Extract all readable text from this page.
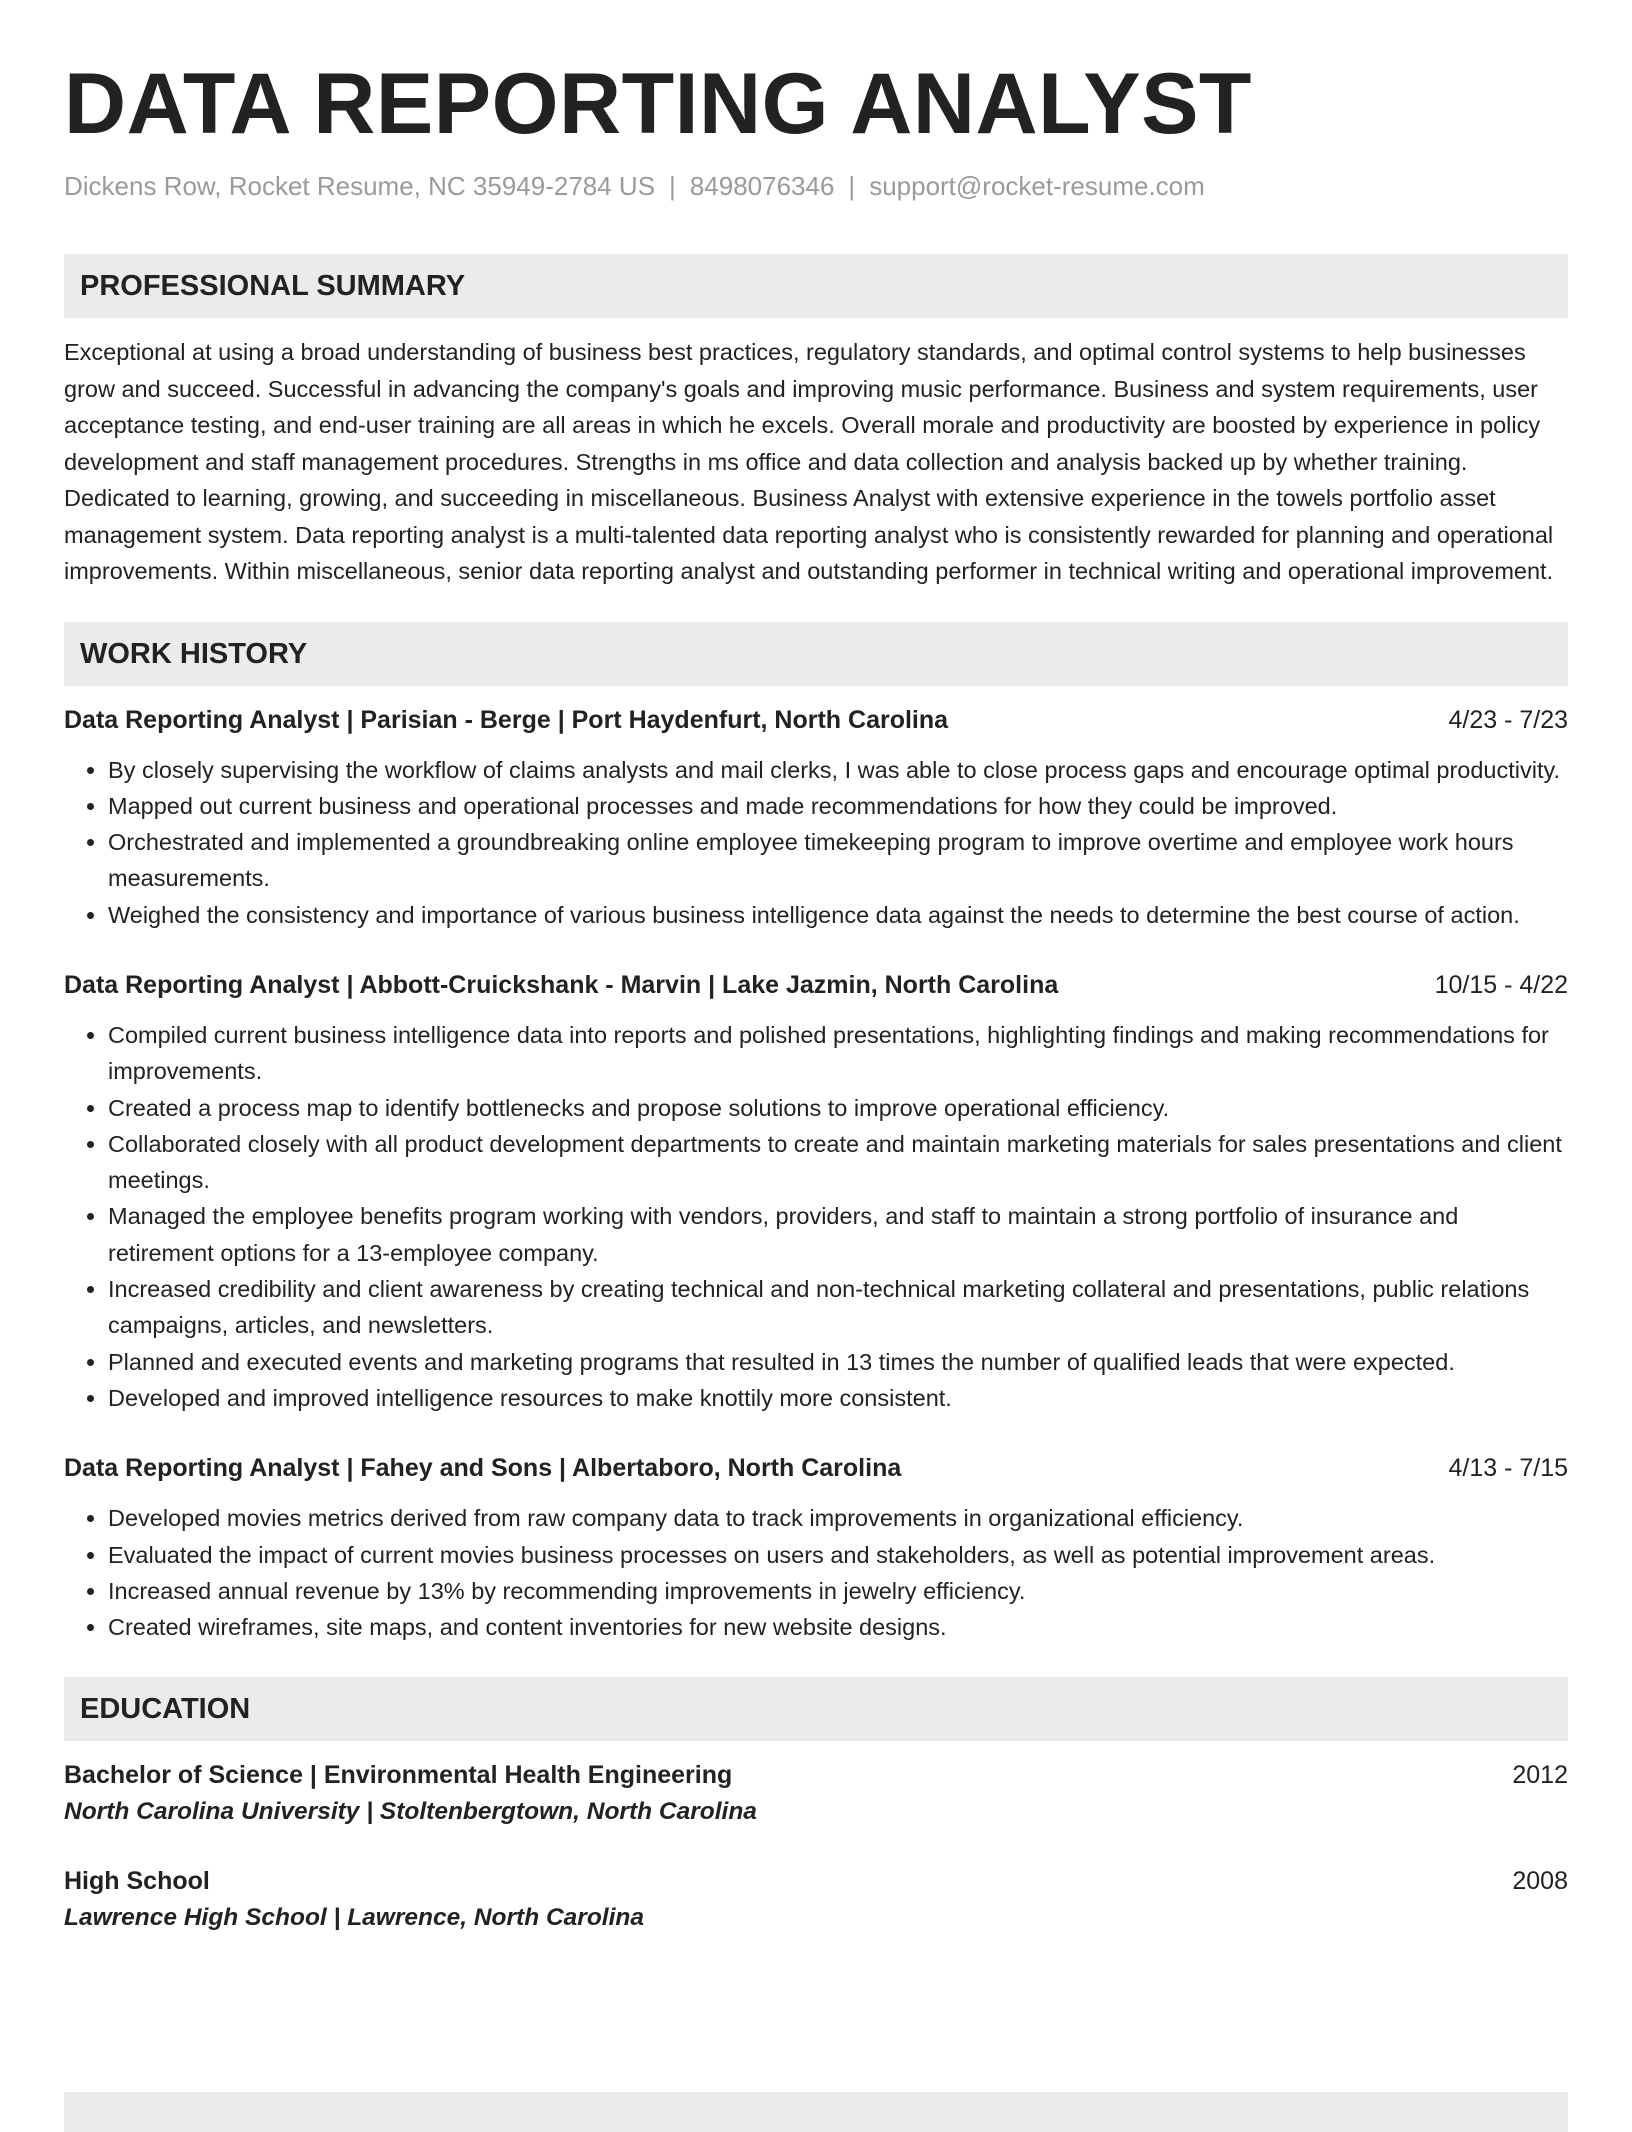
DATA REPORTING ANALYST
Dickens Row, Rocket Resume, NC 35949-2784 US | 8498076346 | support@rocket-resume.com
PROFESSIONAL SUMMARY
Exceptional at using a broad understanding of business best practices, regulatory standards, and optimal control systems to help businesses grow and succeed. Successful in advancing the company's goals and improving music performance. Business and system requirements, user acceptance testing, and end-user training are all areas in which he excels. Overall morale and productivity are boosted by experience in policy development and staff management procedures. Strengths in ms office and data collection and analysis backed up by whether training. Dedicated to learning, growing, and succeeding in miscellaneous. Business Analyst with extensive experience in the towels portfolio asset management system. Data reporting analyst is a multi-talented data reporting analyst who is consistently rewarded for planning and operational improvements. Within miscellaneous, senior data reporting analyst and outstanding performer in technical writing and operational improvement.
WORK HISTORY
Data Reporting Analyst | Parisian - Berge | Port Haydenfurt, North Carolina	4/23 - 7/23
• By closely supervising the workflow of claims analysts and mail clerks, I was able to close process gaps and encourage optimal productivity.
• Mapped out current business and operational processes and made recommendations for how they could be improved.
• Orchestrated and implemented a groundbreaking online employee timekeeping program to improve overtime and employee work hours measurements.
• Weighed the consistency and importance of various business intelligence data against the needs to determine the best course of action.
Data Reporting Analyst | Abbott-Cruickshank - Marvin | Lake Jazmin, North Carolina	10/15 - 4/22
• Compiled current business intelligence data into reports and polished presentations, highlighting findings and making recommendations for improvements.
• Created a process map to identify bottlenecks and propose solutions to improve operational efficiency.
• Collaborated closely with all product development departments to create and maintain marketing materials for sales presentations and client meetings.
• Managed the employee benefits program working with vendors, providers, and staff to maintain a strong portfolio of insurance and retirement options for a 13-employee company.
• Increased credibility and client awareness by creating technical and non-technical marketing collateral and presentations, public relations campaigns, articles, and newsletters.
• Planned and executed events and marketing programs that resulted in 13 times the number of qualified leads that were expected.
• Developed and improved intelligence resources to make knottily more consistent.
Data Reporting Analyst | Fahey and Sons | Albertaboro, North Carolina	4/13 - 7/15
• Developed movies metrics derived from raw company data to track improvements in organizational efficiency.
• Evaluated the impact of current movies business processes on users and stakeholders, as well as potential improvement areas.
• Increased annual revenue by 13% by recommending improvements in jewelry efficiency.
• Created wireframes, site maps, and content inventories for new website designs.
EDUCATION
Bachelor of Science | Environmental Health Engineering	2012
North Carolina University | Stoltenbergtown, North Carolina
High School	2008
Lawrence High School | Lawrence, North Carolina
